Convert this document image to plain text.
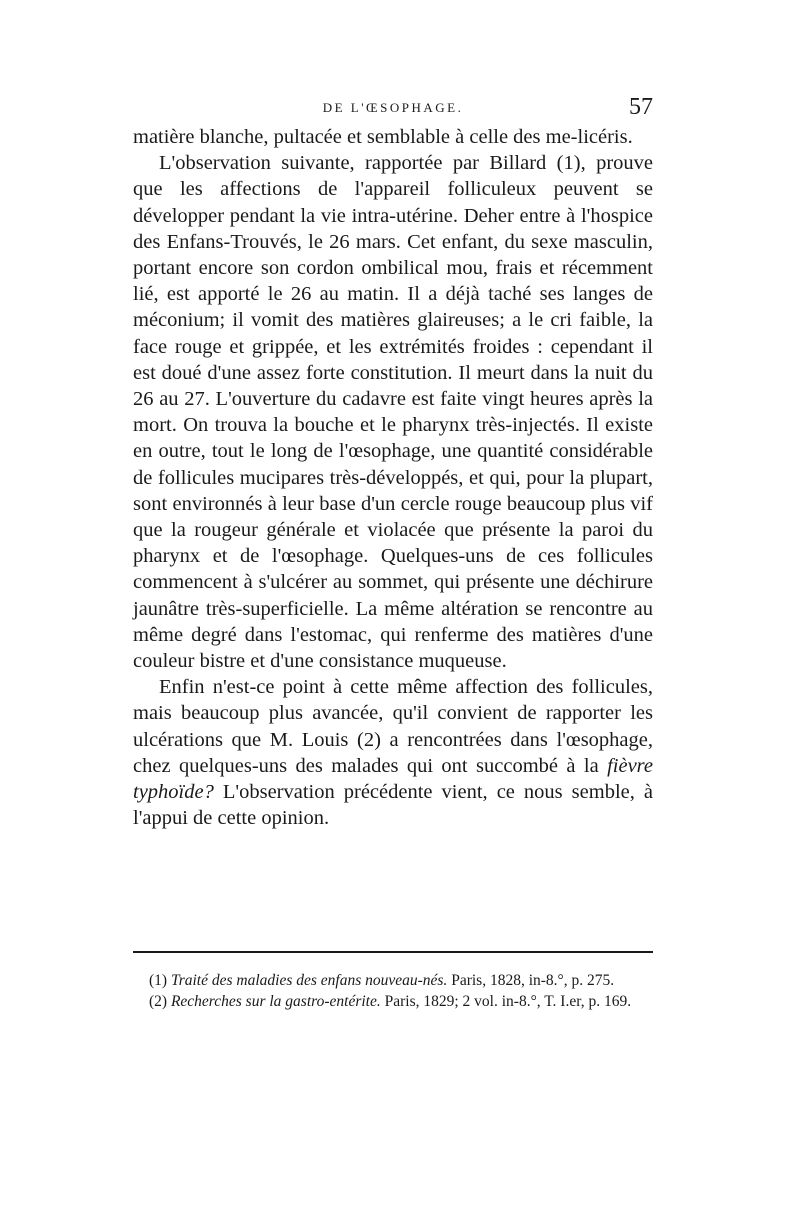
DE L'ŒSOPHAGE.	57

matière blanche, pultacée et semblable à celle des me-licéris.

L'observation suivante, rapportée par Billard (1), prouve que les affections de l'appareil folliculeux peuvent se développer pendant la vie intra-utérine. Deher entre à l'hospice des Enfans-Trouvés, le 26 mars. Cet enfant, du sexe masculin, portant encore son cordon ombilical mou, frais et récemment lié, est apporté le 26 au matin. Il a déjà taché ses langes de méconium; il vomit des matières glaireuses; a le cri faible, la face rouge et grippée, et les extrémités froides : cependant il est doué d'une assez forte constitution. Il meurt dans la nuit du 26 au 27. L'ouverture du cadavre est faite vingt heures après la mort. On trouva la bouche et le pharynx très-injectés. Il existe en outre, tout le long de l'œsophage, une quantité considérable de follicules mucipares très-développés, et qui, pour la plupart, sont environnés à leur base d'un cercle rouge beaucoup plus vif que la rougeur générale et violacée que présente la paroi du pharynx et de l'œsophage. Quelques-uns de ces follicules commencent à s'ulcérer au sommet, qui présente une déchirure jaunâtre très-superficielle. La même altération se rencontre au même degré dans l'estomac, qui renferme des matières d'une couleur bistre et d'une consistance muqueuse.

Enfin n'est-ce point à cette même affection des follicules, mais beaucoup plus avancée, qu'il convient de rapporter les ulcérations que M. Louis (2) a rencontrées dans l'œsophage, chez quelques-uns des malades qui ont succombé à la fièvre typhoïde? L'observation précédente vient, ce nous semble, à l'appui de cette opinion.

(1) Traité des maladies des enfans nouveau-nés. Paris, 1828, in-8.°, p. 275.

(2) Recherches sur la gastro-entérite. Paris, 1829; 2 vol. in-8.°, T. I.er, p. 169.
